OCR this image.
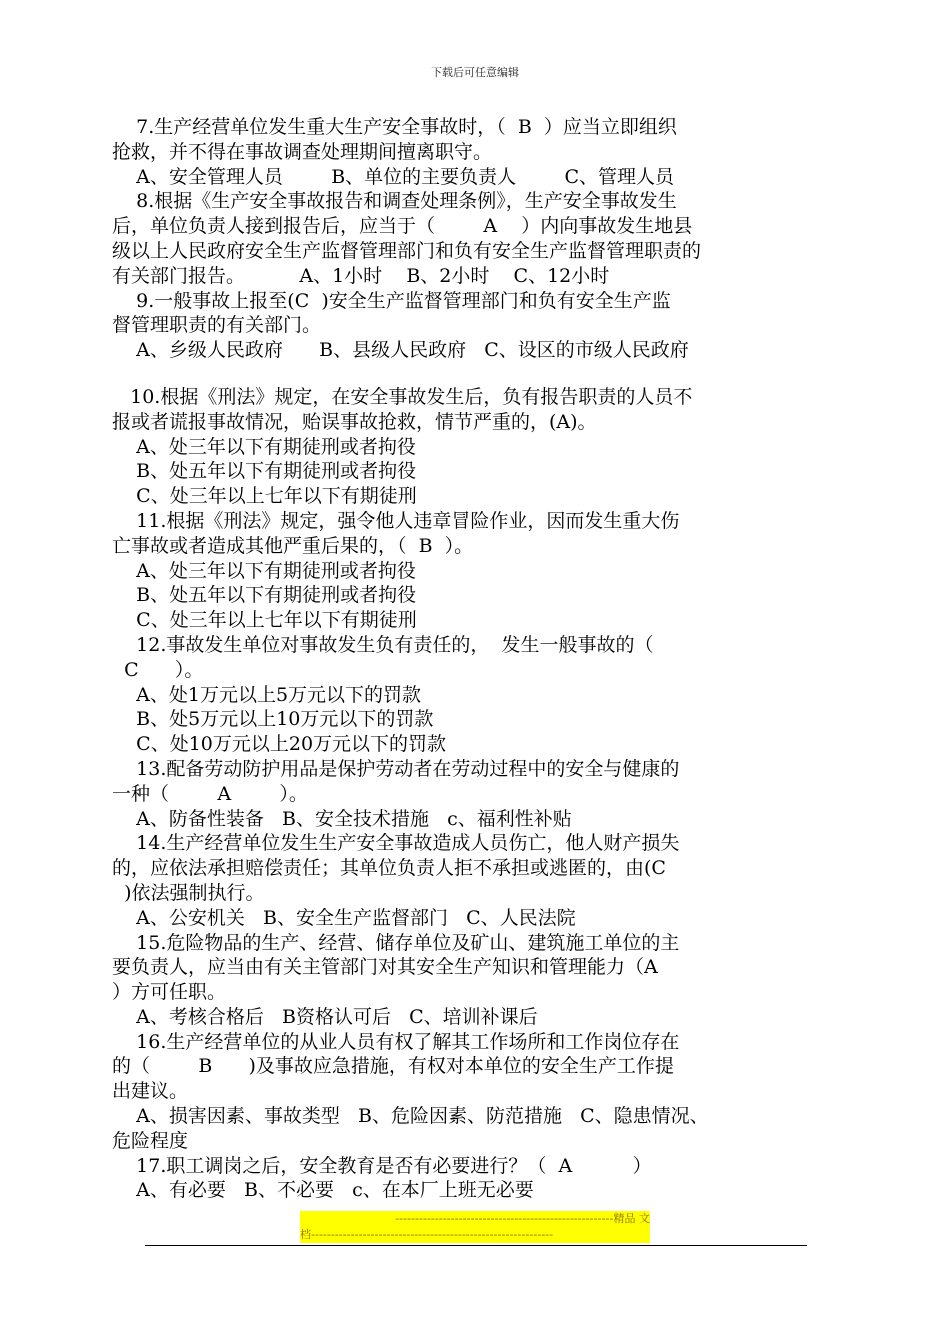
下载后可任意编辑
7.生产经营单位发生重大生产安全事故时，（  B  ）应当立即组织
抢救，并不得在事故调查处理期间擅离职守。
A、安全管理人员        B、单位的主要负责人        C、管理人员
8.根据《生产安全事故报告和调查处理条例》，生产安全事故发生
后，单位负责人接到报告后，应当于（        A    ）内向事故发生地县
级以上人民政府安全生产监督管理部门和负有安全生产监督管理职责的
有关部门报告。         A、1小时    B、2小时    C、12小时
9.一般事故上报至(C  )安全生产监督管理部门和负有安全生产监
督管理职责的有关部门。
A、乡级人民政府      B、县级人民政府   C、设区的市级人民政府
10.根据《刑法》规定，在安全事故发生后，负有报告职责的人员不
报或者谎报事故情况，贻误事故抢救，情节严重的，(A)。
A、处三年以下有期徒刑或者拘役
B、处五年以下有期徒刑或者拘役
C、处三年以上七年以下有期徒刑
11.根据《刑法》规定，强令他人违章冒险作业，因而发生重大伤
亡事故或者造成其他严重后果的，（  B  ）。
A、处三年以下有期徒刑或者拘役
B、处五年以下有期徒刑或者拘役
C、处三年以上七年以下有期徒刑
12.事故发生单位对事故发生负有责任的，  发生一般事故的（
C      ）。
A、处1万元以上5万元以下的罚款
B、处5万元以上10万元以下的罚款
C、处10万元以上20万元以下的罚款
13.配备劳动防护用品是保护劳动者在劳动过程中的安全与健康的
一种（        A        ）。
A、防备性装备   B、安全技术措施   c、福利性补贴
14.生产经营单位发生生产安全事故造成人员伤亡，他人财产损失
的，应依法承担赔偿责任；其单位负责人拒不承担或逃匿的，由(C
)依法强制执行。
A、公安机关   B、安全生产监督部门   C、人民法院
15.危险物品的生产、经营、储存单位及矿山、建筑施工单位的主
要负责人，应当由有关主管部门对其安全生产知识和管理能力（A
）方可任职。
A、考核合格后   B资格认可后   C、培训补课后
16.生产经营单位的从业人员有权了解其工作场所和工作岗位存在
的（        B      )及事故应急措施，有权对本单位的安全生产工作提
出建议。
A、损害因素、事故类型   B、危险因素、防范措施   C、隐患情况、
危险程度
17.职工调岗之后，安全教育是否有必要进行？（  A          ）
A、有必要   B、不必要   c、在本厂上班无必要
-------------------------------------------------------精品 文
档-------------------------------------------------------------
